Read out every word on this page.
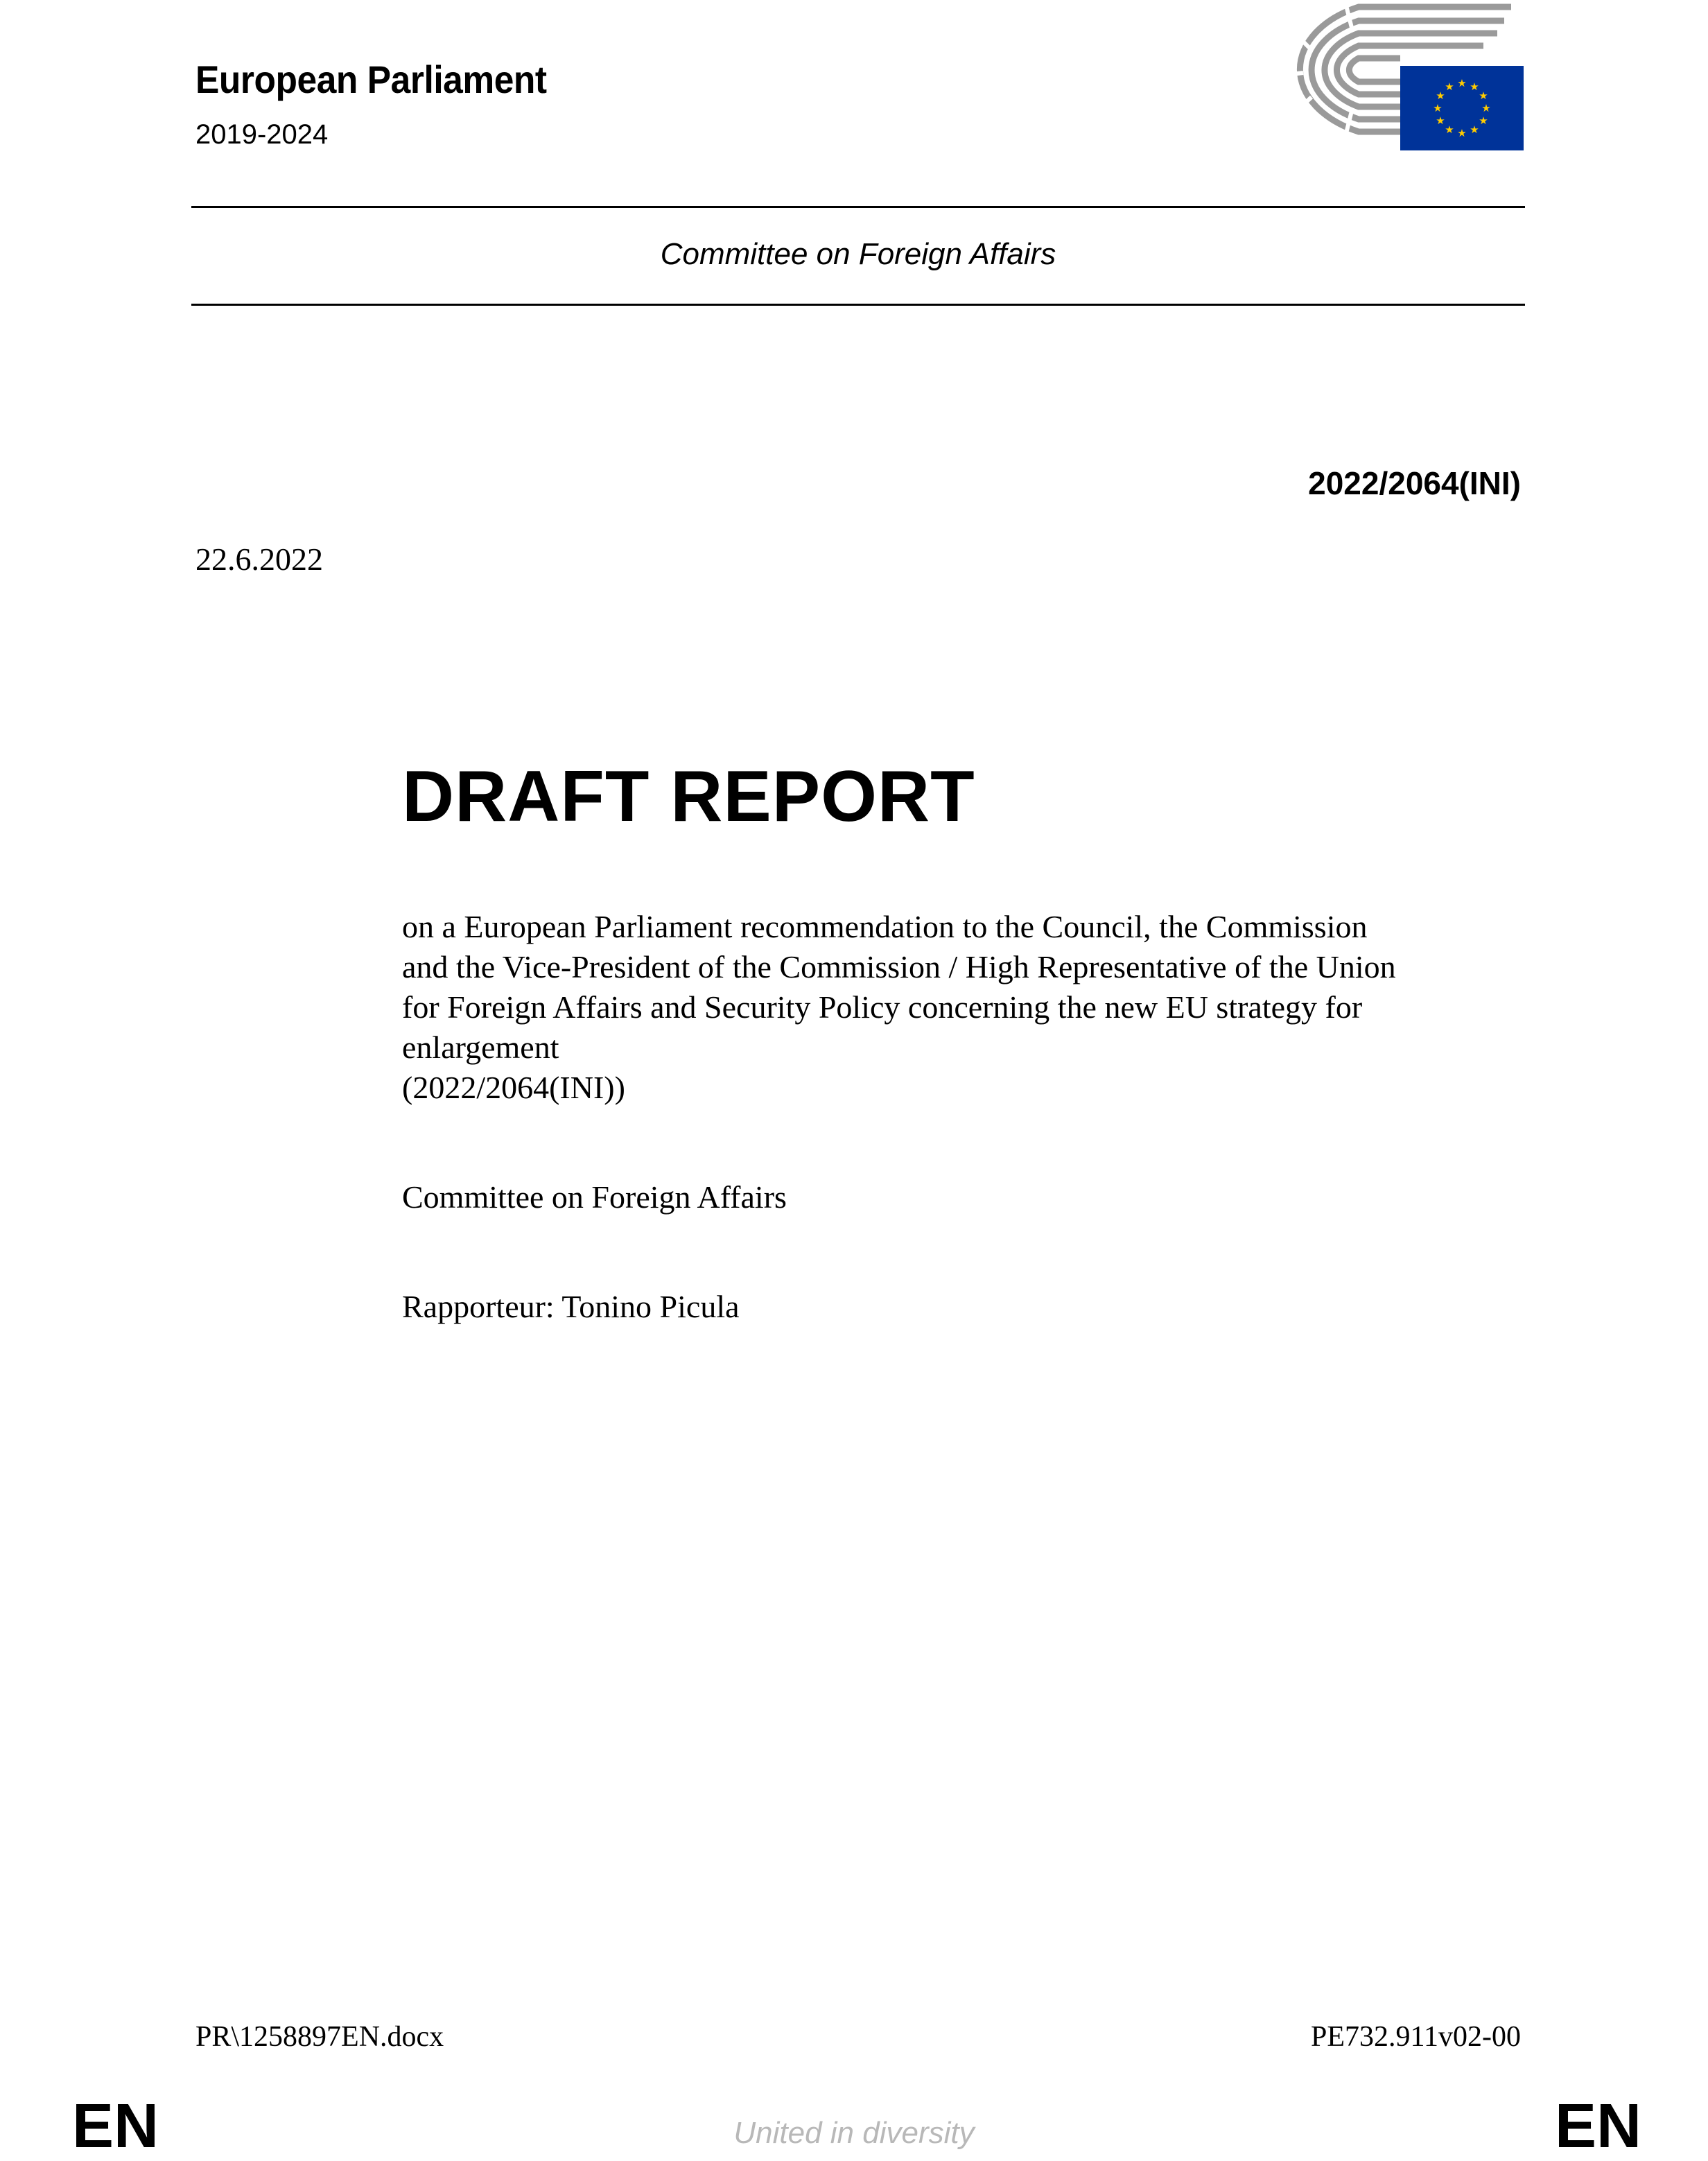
European Parliament
2019-2024
★ ★
★
★
★
★
★
★
★
★
★
★
Committee on Foreign Affairs
2022/2064(INI)
22.6.2022
DRAFT REPORT
on a European Parliament recommendation to the Council, the Commission
and the Vice-President of the Commission / High Representative of the Union
for Foreign Affairs and Security Policy concerning the new EU strategy for
enlargement
(2022/2064(INI))
Committee on Foreign Affairs
Rapporteur: Tonino Picula
PR\1258897EN.docx	PE732.911v02-00
EN	United in diversity	EN
